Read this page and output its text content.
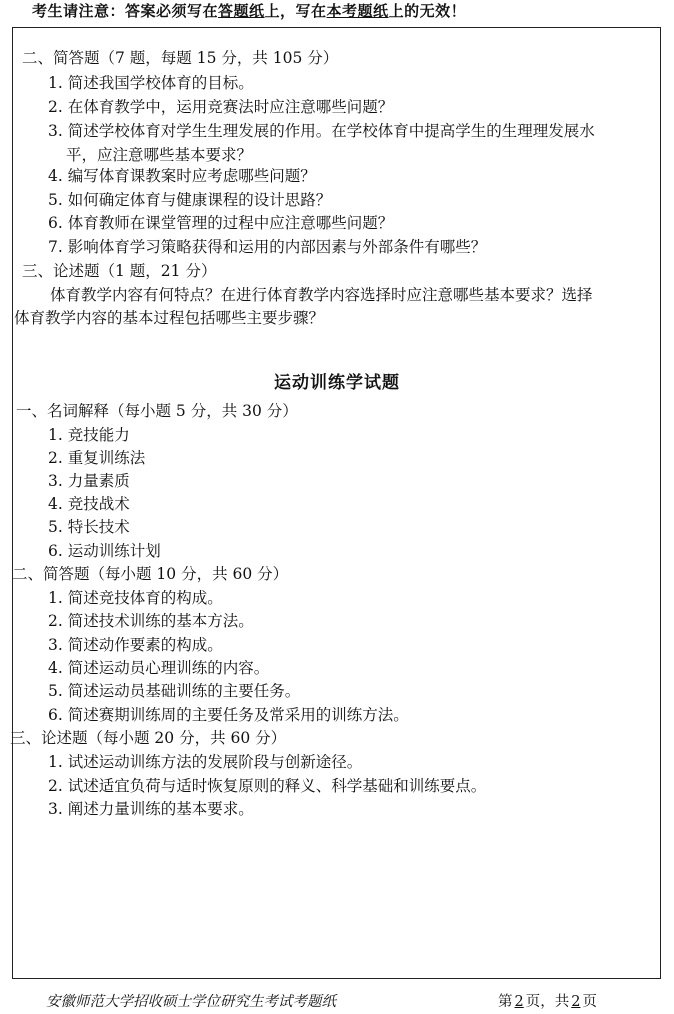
考生请注意：答案必须写在答题纸上，写在本考题纸上的无效！
二、简答题（7 题，每题 15 分，共 105 分）
1. 简述我国学校体育的目标。
2. 在体育教学中，运用竞赛法时应注意哪些问题？
3. 简述学校体育对学生生理发展的作用。在学校体育中提高学生的生理理发展水
平，应注意哪些基本要求？
4. 编写体育课教案时应考虑哪些问题？
5. 如何确定体育与健康课程的设计思路？
6. 体育教师在课堂管理的过程中应注意哪些问题？
7. 影响体育学习策略获得和运用的内部因素与外部条件有哪些？
三、论述题（1 题，21 分）
体育教学内容有何特点？在进行体育教学内容选择时应注意哪些基本要求？选择
体育教学内容的基本过程包括哪些主要步骤？
运动训练学试题
一、名词解释（每小题 5 分，共 30 分）
1. 竞技能力
2. 重复训练法
3. 力量素质
4. 竞技战术
5. 特长技术
6. 运动训练计划
二、简答题（每小题 10 分，共 60 分）
1. 简述竞技体育的构成。
2. 简述技术训练的基本方法。
3. 简述动作要素的构成。
4. 简述运动员心理训练的内容。
5. 简述运动员基础训练的主要任务。
6. 简述赛期训练周的主要任务及常采用的训练方法。
三、论述题（每小题 20 分，共 60 分）
1. 试述运动训练方法的发展阶段与创新途径。
2. 试述适宜负荷与适时恢复原则的释义、科学基础和训练要点。
3. 阐述力量训练的基本要求。
安徽师范大学招收硕士学位研究生考试考题纸	第 2 页，共 2 页
